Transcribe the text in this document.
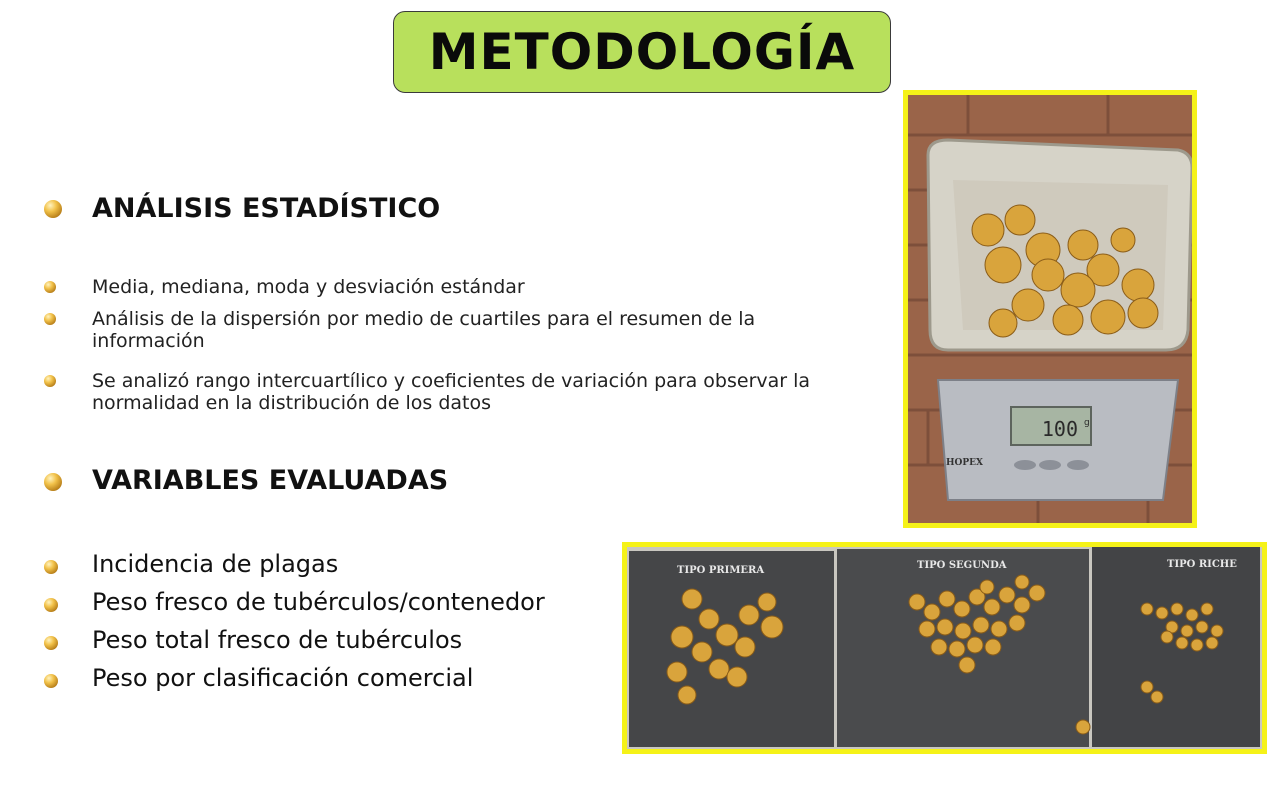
METODOLOGÍA
ANÁLISIS ESTADÍSTICO
Media, mediana, moda y desviación estándar
Análisis de la dispersión por medio de cuartiles para el resumen de la información
Se analizó rango intercuartílico y coeficientes de variación para observar la normalidad en la distribución de los datos
VARIABLES EVALUADAS
Incidencia de plagas
Peso fresco de tubérculos/contenedor
Peso total fresco de tubérculos
Peso por clasificación comercial
100 g
HOPEX
TIPO PRIMERA	TIPO SEGUNDA	TIPO RICHE
